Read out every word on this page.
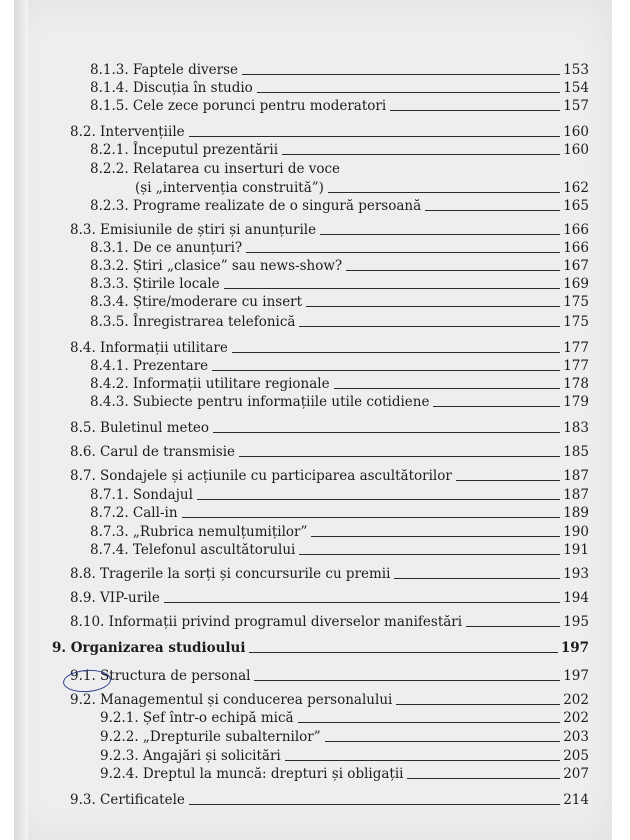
8.1.3. Faptele diverse	153
8.1.4. Discuția în studio	154
8.1.5. Cele zece porunci pentru moderatori	157
8.2. Intervențiile	160
8.2.1. Începutul prezentării	160
8.2.2. Relatarea cu inserturi de voce
(și „intervenția construită”)	162
8.2.3. Programe realizate de o singură persoană	165
8.3. Emisiunile de știri și anunțurile	166
8.3.1. De ce anunțuri?	166
8.3.2. Știri „clasice” sau news-show?	167
8.3.3. Știrile locale	169
8.3.4. Știre/moderare cu insert	175
8.3.5. Înregistrarea telefonică	175
8.4. Informații utilitare	177
8.4.1. Prezentare	177
8.4.2. Informații utilitare regionale	178
8.4.3. Subiecte pentru informațiile utile cotidiene	179
8.5. Buletinul meteo	183
8.6. Carul de transmisie	185
8.7. Sondajele și acțiunile cu participarea ascultătorilor	187
8.7.1. Sondajul	187
8.7.2. Call-in	189
8.7.3. „Rubrica nemulțumiților”	190
8.7.4. Telefonul ascultătorului	191
8.8. Tragerile la sorți și concursurile cu premii	193
8.9. VIP-urile	194
8.10. Informații privind programul diverselor manifestări	195
9. Organizarea studioului	197
9.1. Structura de personal	197
9.2. Managementul și conducerea personalului	202
9.2.1. Șef într-o echipă mică	202
9.2.2. „Drepturile subalternilor”	203
9.2.3. Angajări și solicitări	205
9.2.4. Dreptul la muncă: drepturi și obligații	207
9.3. Certificatele	214
